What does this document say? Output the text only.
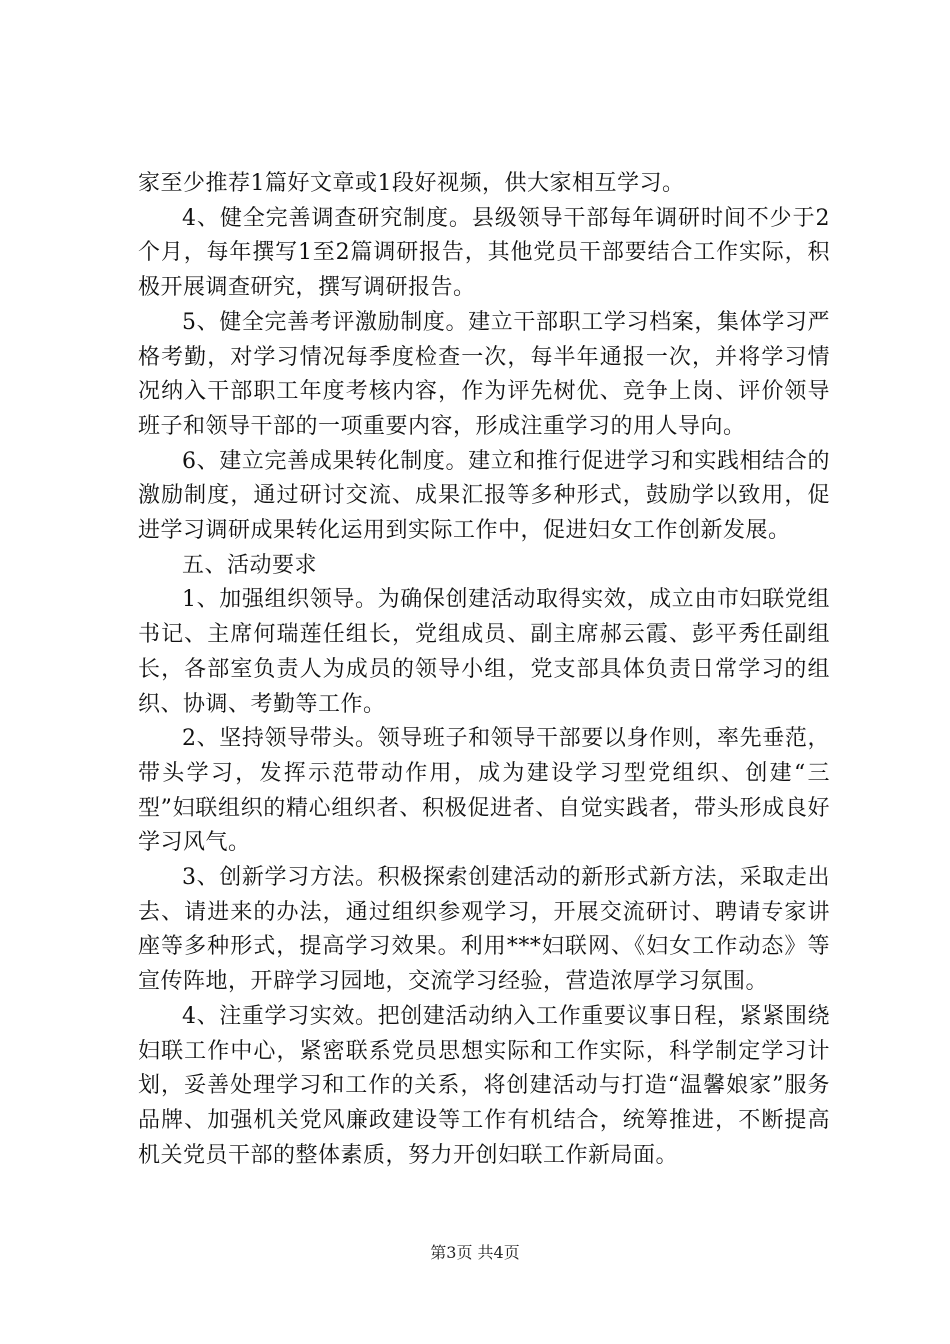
家至少推荐1篇好文章或1段好视频，供大家相互学习。

4、健全完善调查研究制度。县级领导干部每年调研时间不少于2个月，每年撰写1至2篇调研报告，其他党员干部要结合工作实际，积极开展调查研究，撰写调研报告。

5、健全完善考评激励制度。建立干部职工学习档案，集体学习严格考勤，对学习情况每季度检查一次，每半年通报一次，并将学习情况纳入干部职工年度考核内容，作为评先树优、竞争上岗、评价领导班子和领导干部的一项重要内容，形成注重学习的用人导向。

6、建立完善成果转化制度。建立和推行促进学习和实践相结合的激励制度，通过研讨交流、成果汇报等多种形式，鼓励学以致用，促进学习调研成果转化运用到实际工作中，促进妇女工作创新发展。

五、活动要求

1、加强组织领导。为确保创建活动取得实效，成立由市妇联党组书记、主席何瑞莲任组长，党组成员、副主席郝云霞、彭平秀任副组长，各部室负责人为成员的领导小组，党支部具体负责日常学习的组织、协调、考勤等工作。

2、坚持领导带头。领导班子和领导干部要以身作则，率先垂范，带头学习，发挥示范带动作用，成为建设学习型党组织、创建“三型”妇联组织的精心组织者、积极促进者、自觉实践者，带头形成良好学习风气。

3、创新学习方法。积极探索创建活动的新形式新方法，采取走出去、请进来的办法，通过组织参观学习，开展交流研讨、聘请专家讲座等多种形式，提高学习效果。利用***妇联网、《妇女工作动态》等宣传阵地，开辟学习园地，交流学习经验，营造浓厚学习氛围。

4、注重学习实效。把创建活动纳入工作重要议事日程，紧紧围绕妇联工作中心，紧密联系党员思想实际和工作实际，科学制定学习计划，妥善处理学习和工作的关系，将创建活动与打造“温馨娘家”服务品牌、加强机关党风廉政建设等工作有机结合，统筹推进，不断提高机关党员干部的整体素质，努力开创妇联工作新局面。

第3页 共4页
